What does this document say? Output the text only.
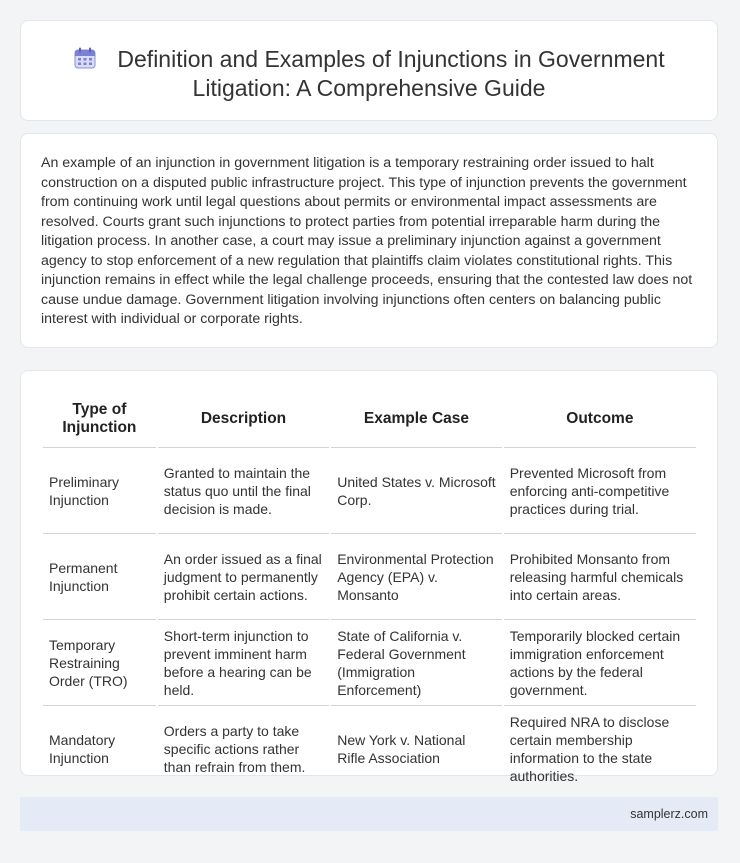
Definition and Examples of Injunctions in Government
Litigation: A Comprehensive Guide
An example of an injunction in government litigation is a temporary restraining order issued to halt construction on a disputed public infrastructure project. This type of injunction prevents the government from continuing work until legal questions about permits or environmental impact assessments are resolved. Courts grant such injunctions to protect parties from potential irreparable harm during the litigation process. In another case, a court may issue a preliminary injunction against a government agency to stop enforcement of a new regulation that plaintiffs claim violates constitutional rights. This injunction remains in effect while the legal challenge proceeds, ensuring that the contested law does not cause undue damage. Government litigation involving injunctions often centers on balancing public interest with individual or corporate rights.
Type of Injunction	Description	Example Case	Outcome
Preliminary Injunction	Granted to maintain the status quo until the final decision is made.	United States v. Microsoft Corp.	Prevented Microsoft from enforcing anti-competitive practices during trial.
Permanent Injunction	An order issued as a final judgment to permanently prohibit certain actions.	Environmental Protection Agency (EPA) v. Monsanto	Prohibited Monsanto from releasing harmful chemicals into certain areas.
Temporary Restraining Order (TRO)	Short-term injunction to prevent imminent harm before a hearing can be held.	State of California v. Federal Government (Immigration Enforcement)	Temporarily blocked certain immigration enforcement actions by the federal government.
Mandatory Injunction	Orders a party to take specific actions rather than refrain from them.	New York v. National Rifle Association	Required NRA to disclose certain membership information to the state authorities.
samplerz.com
